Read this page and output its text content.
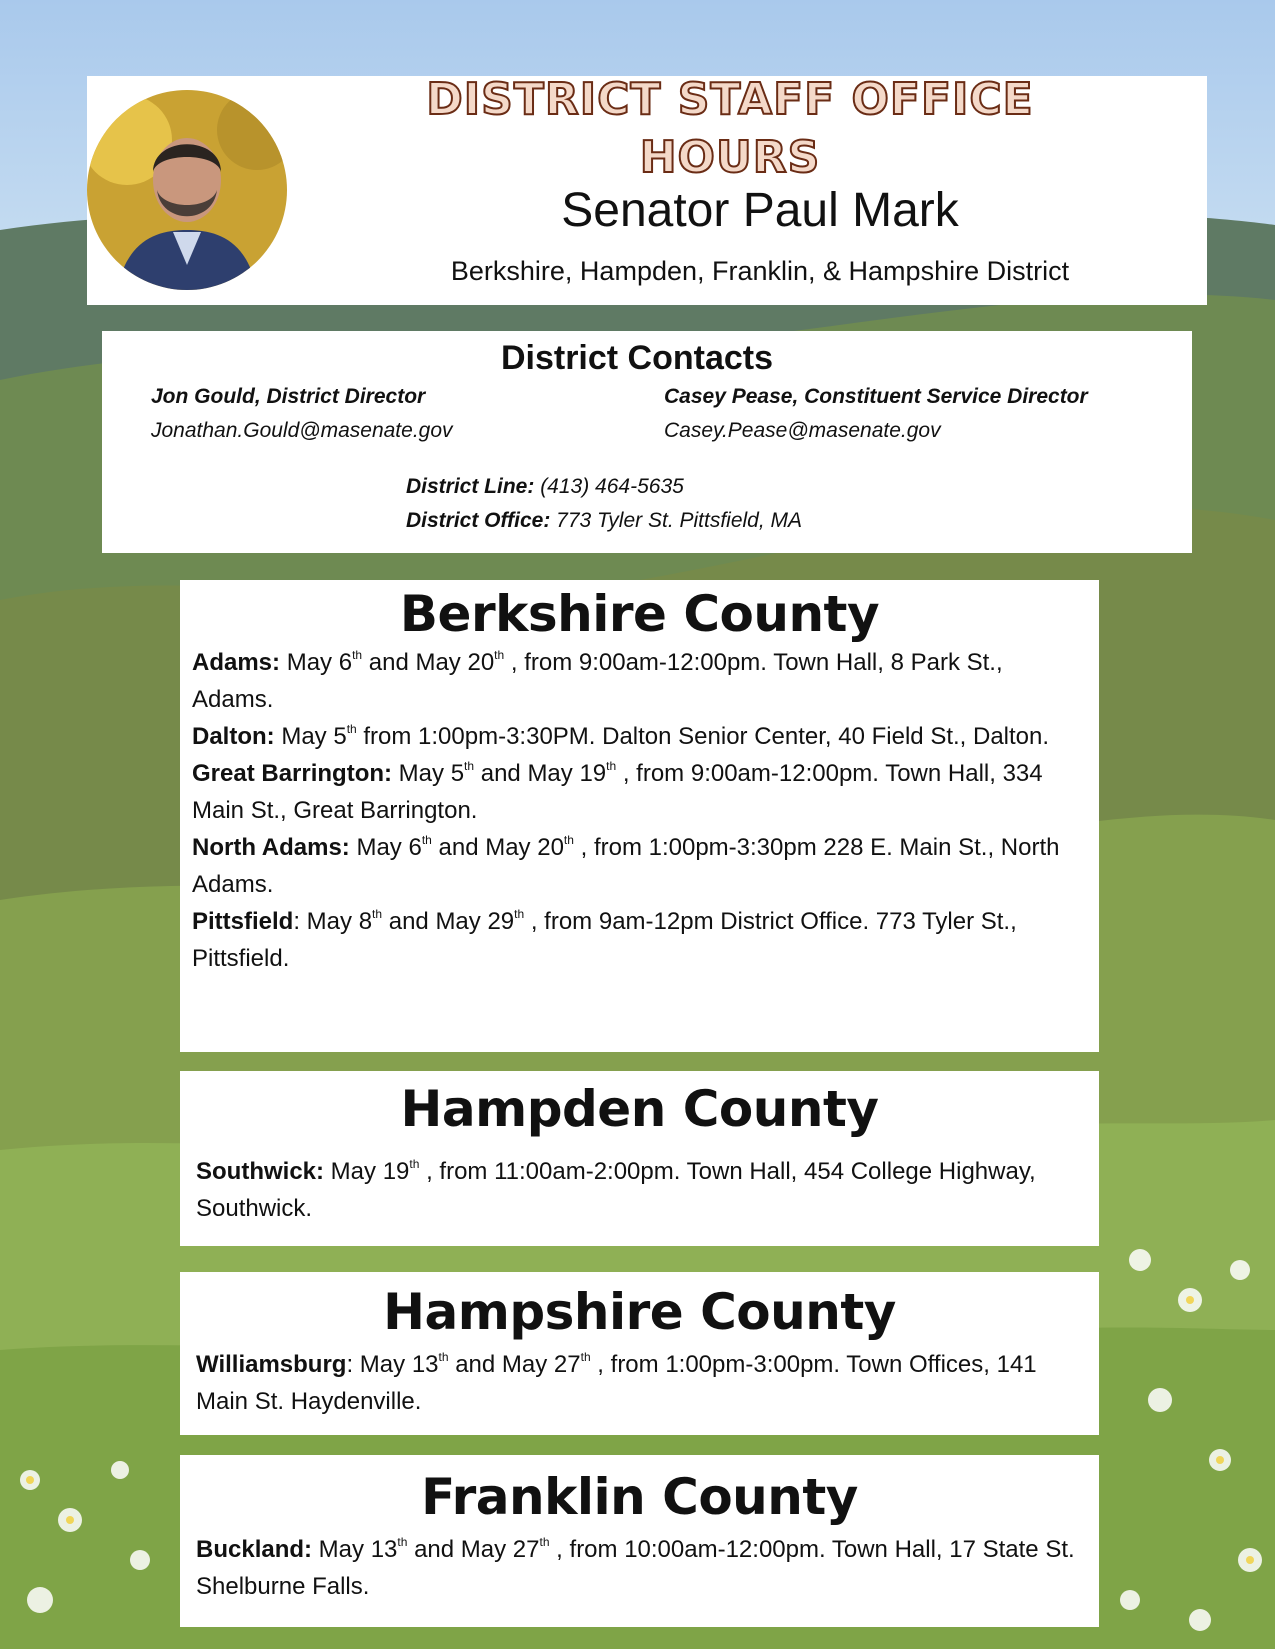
DISTRICT STAFF OFFICE
HOURS
Senator Paul Mark
Berkshire, Hampden, Franklin, & Hampshire District
District Contacts
Jon Gould, District Director
Jonathan.Gould@masenate.gov
Casey Pease, Constituent Service Director
Casey.Pease@masenate.gov
District Line: (413) 464-5635
District Office: 773 Tyler St. Pittsfield, MA
Berkshire County
Adams: May 6th and May 20th , from 9:00am-12:00pm. Town Hall, 8 Park St., Adams.
Dalton: May 5th from 1:00pm-3:30PM. Dalton Senior Center, 40 Field St., Dalton.
Great Barrington: May 5th and May 19th , from 9:00am-12:00pm. Town Hall, 334 Main St., Great Barrington.
North Adams: May 6th and May 20th , from 1:00pm-3:30pm 228 E. Main St., North Adams.
Pittsfield: May 8th and May 29th , from 9am-12pm District Office. 773 Tyler St., Pittsfield.
Hampden County
Southwick: May 19th , from 11:00am-2:00pm. Town Hall, 454 College Highway, Southwick.
Hampshire County
Williamsburg: May 13th and May 27th , from 1:00pm-3:00pm. Town Offices, 141 Main St. Haydenville.
Franklin County
Buckland: May 13th and May 27th , from 10:00am-12:00pm. Town Hall, 17 State St. Shelburne Falls.
